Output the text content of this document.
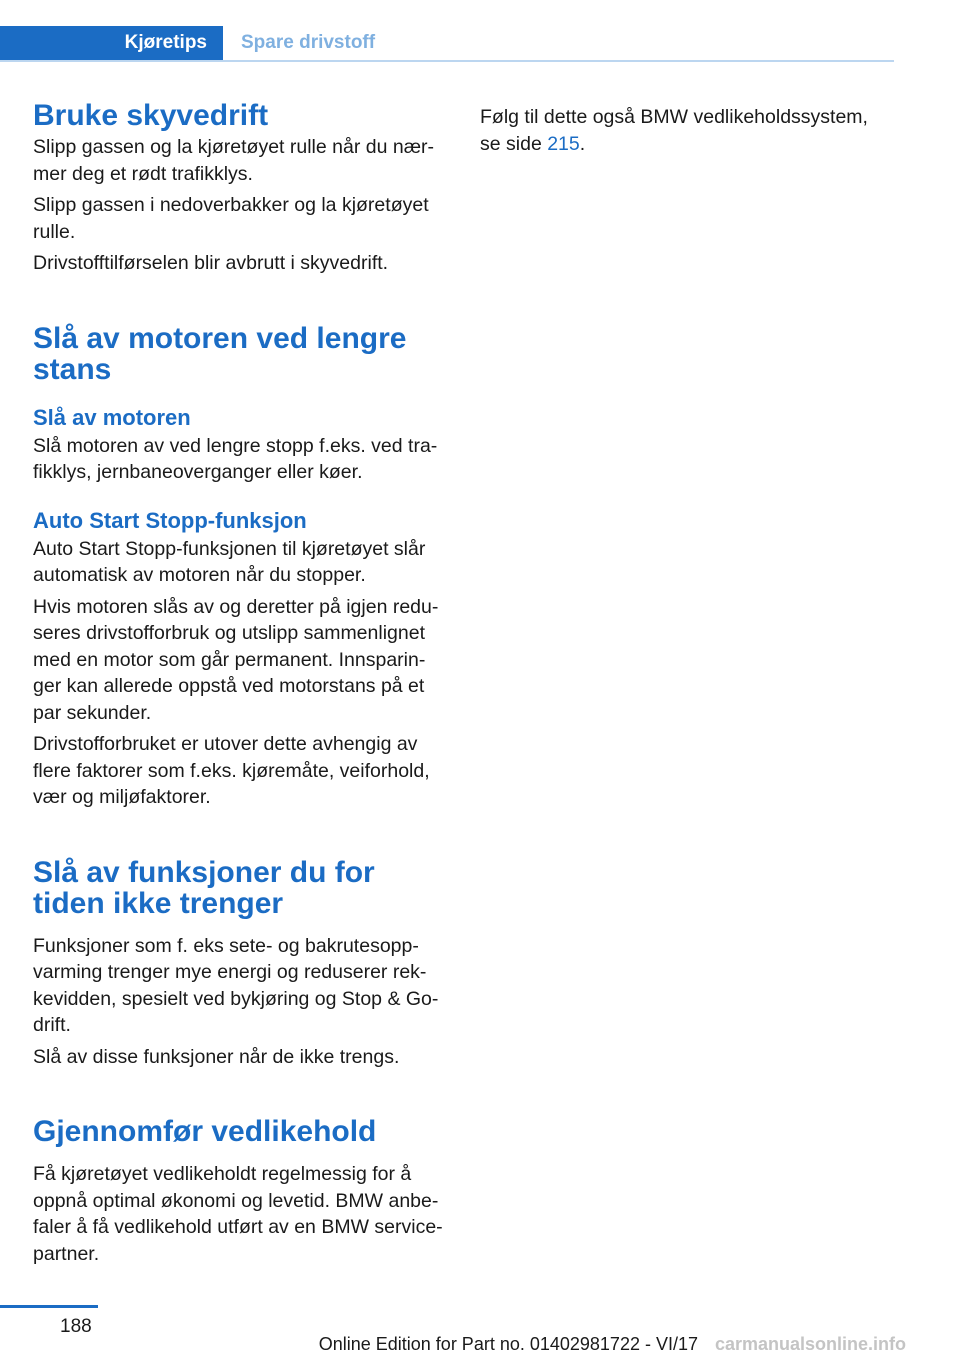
Kjøretips	Spare drivstoff
Bruke skyvedrift

Slipp gassen og la kjøretøyet rulle når du nær‐ mer deg et rødt trafikklys.

Slipp gassen i nedoverbakker og la kjøretøyet rulle.

Drivstofftilførselen blir avbrutt i skyvedrift.

Slå av motoren ved lengre stans
Slå av motoren

Slå motoren av ved lengre stopp f.eks. ved tra‐ fikklys, jernbaneoverganger eller køer.

Auto Start Stopp-funksjon

Auto Start Stopp-funksjonen til kjøretøyet slår automatisk av motoren når du stopper.

Hvis motoren slås av og deretter på igjen redu‐ seres drivstofforbruk og utslipp sammenlignet med en motor som går permanent. Innsparin‐ ger kan allerede oppstå ved motorstans på et par sekunder.

Drivstofforbruket er utover dette avhengig av flere faktorer som f.eks. kjøremåte, veiforhold, vær og miljøfaktorer.

Slå av funksjoner du for tiden ikke trenger

Funksjoner som f. eks sete- og bakrutesopp‐ varming trenger mye energi og reduserer rek‐ kevidden, spesielt ved bykjøring og Stop & Go- drift.

Slå av disse funksjoner når de ikke trengs.

Gjennomfør vedlikehold

Få kjøretøyet vedlikeholdt regelmessig for å oppnå optimal økonomi og levetid. BMW anbe‐ faler å få vedlikehold utført av en BMW service‐ partner.

Følg til dette også BMW vedlikeholdssystem, se side 215.

188
Online Edition for Part no. 01402981722 - VI/17 carmanualsonline.info
